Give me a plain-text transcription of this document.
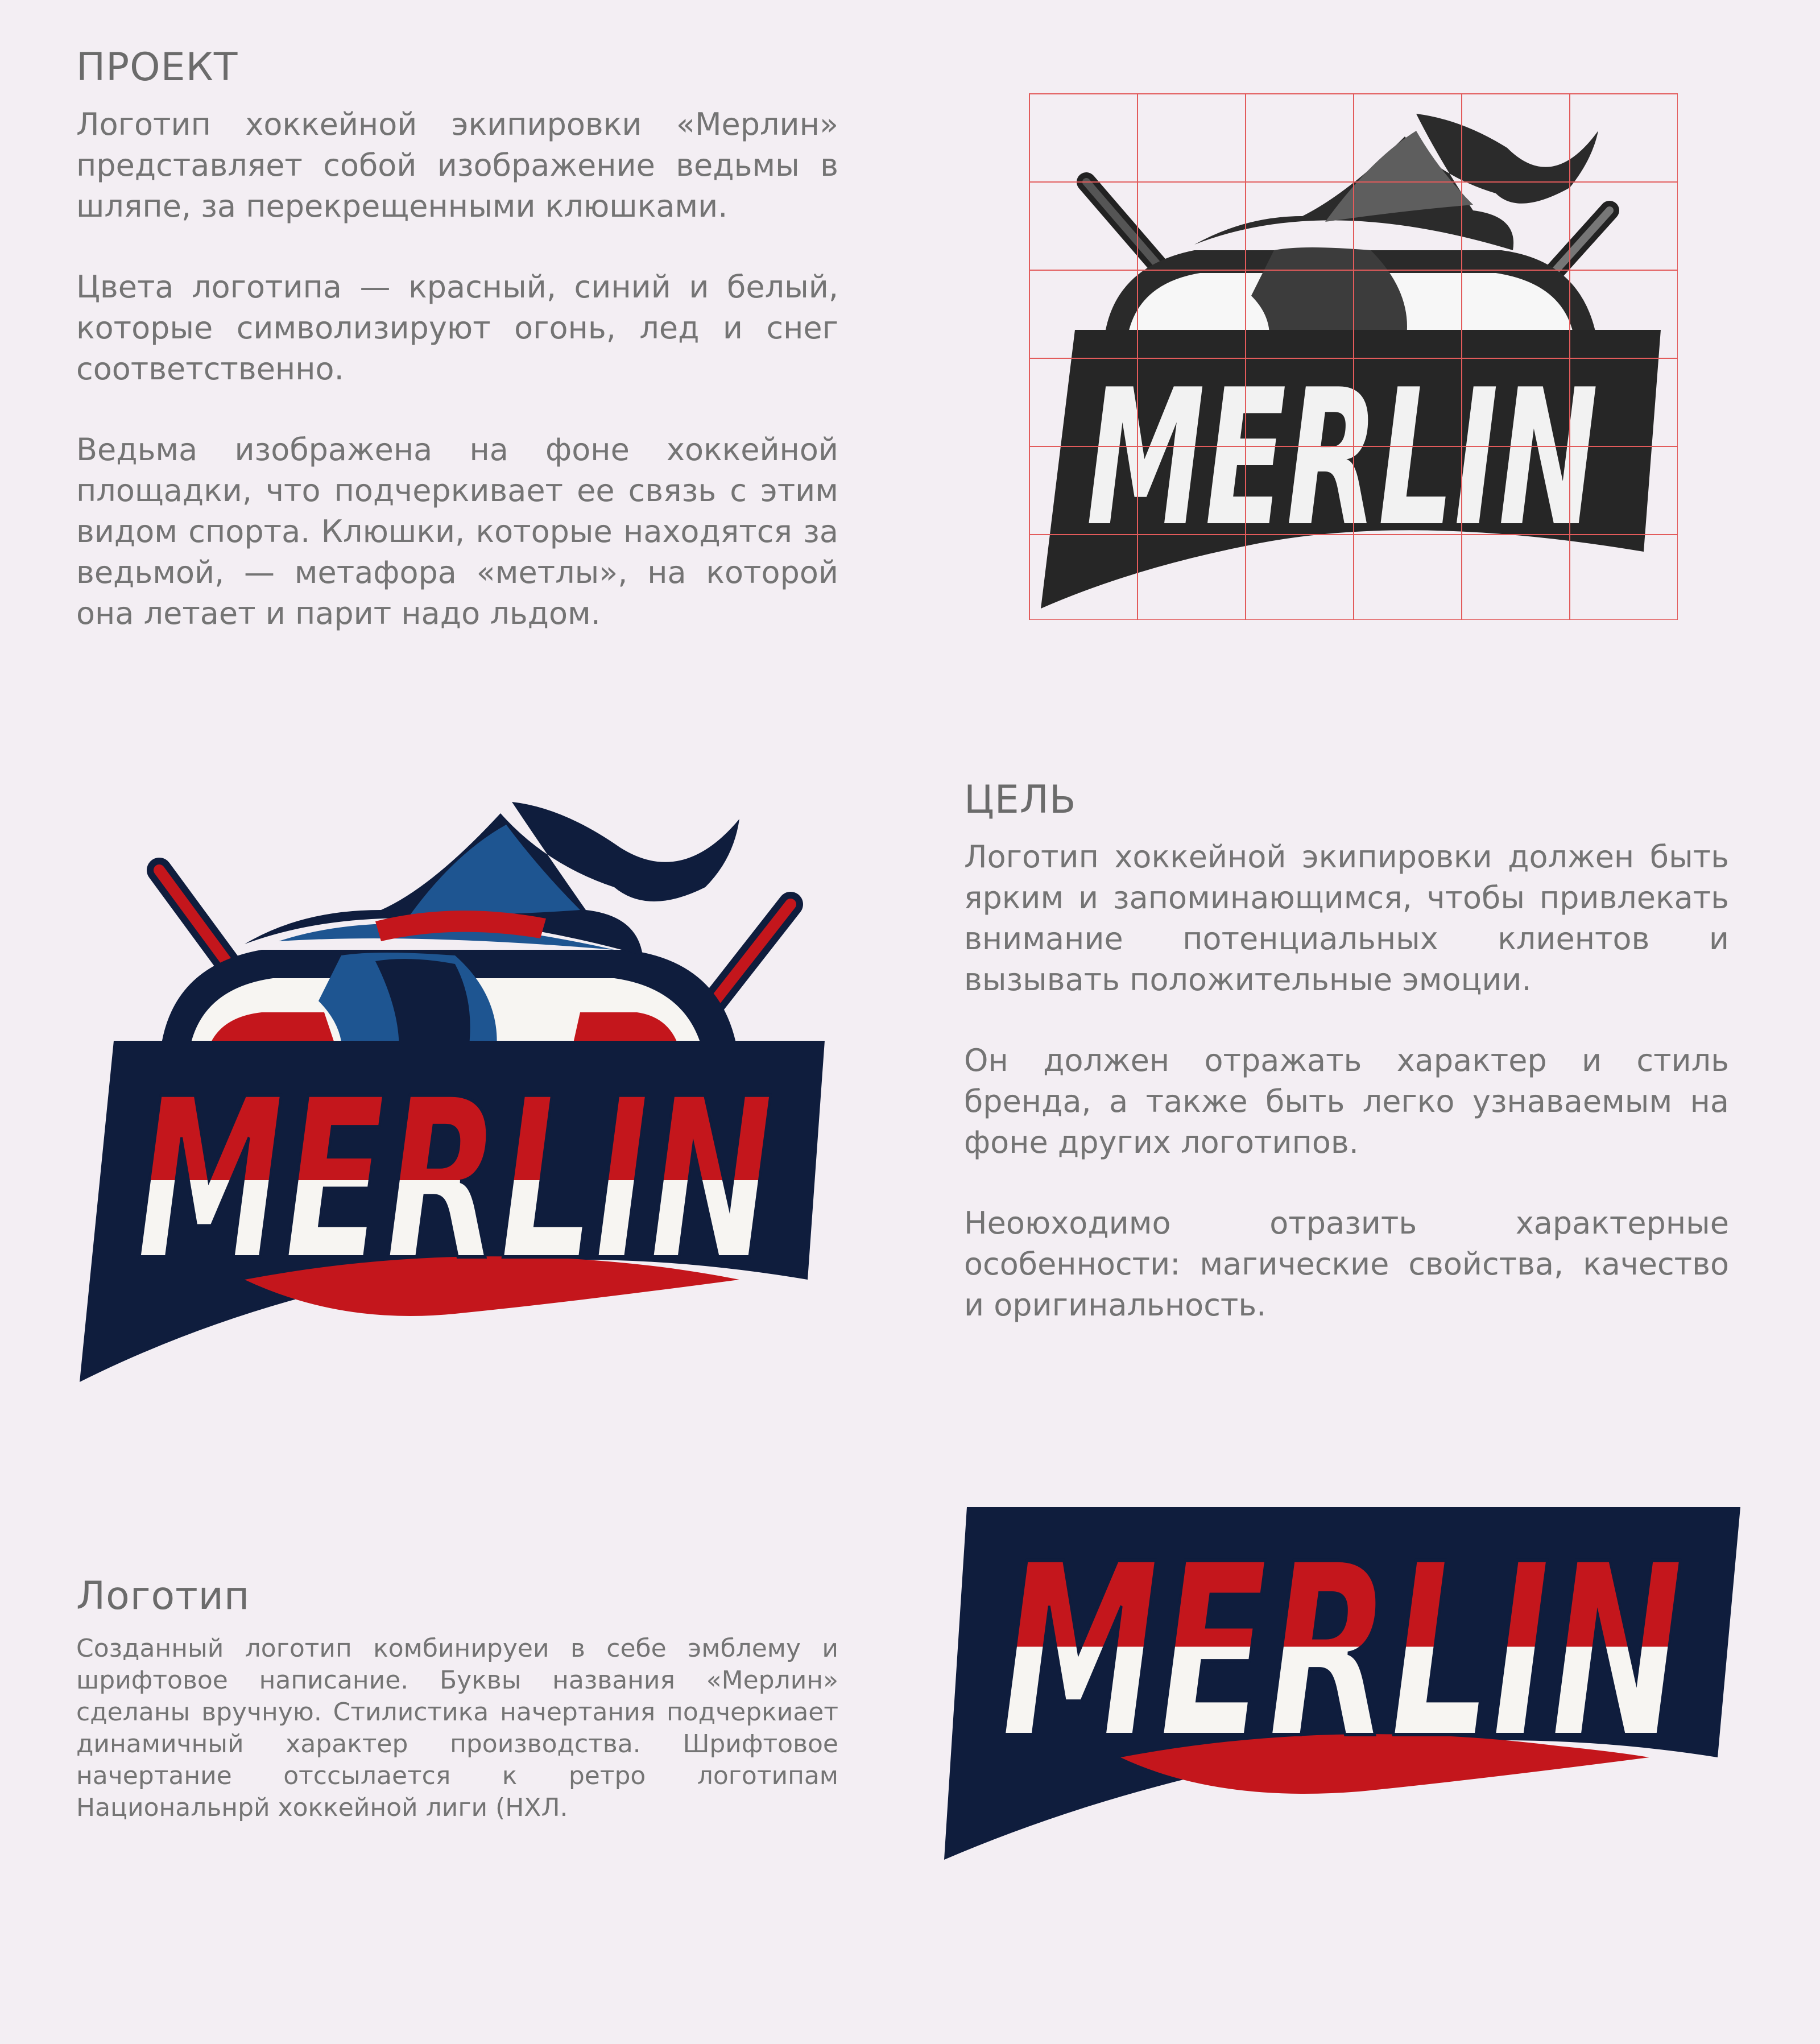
ПРОЕКТ

Логотип хоккейной экипировки «Мерлин» представляет собой изображение ведьмы в шляпе, за перекрещенными клюшками.

Цвета логотипа — красный, синий и белый, которые символизируют огонь, лед и снег соответственно.

Ведьма изображена на фоне хоккейной площадки, что подчеркивает ее связь с этим видом спорта. Клюшки, которые находятся за ведьмой, — метафора «метлы», на которой она летает и парит надо льдом.

MERLIN
MERLIN
ЦЕЛЬ

Логотип хоккейной экипировки должен быть ярким и запоминающимся, чтобы привлекать внимание потенциальных клиентов и вызывать положительные эмоции.

Он должен отражать характер и стиль бренда, а также быть легко узнаваемым на фоне других логотипов.

Неоюходимо отразить характерные особенности: магические свойства, качество и оригинальность.

Логотип

Созданный логотип комбинируеи в себе эмблему и шрифтовое написание. Буквы названия «Мерлин» сделаны вручную. Стилистика начертания подчеркиает динамичный характер производства. Шрифтовое начертание отссылается к ретро логотипам Национальнрй хоккейной лиги (НХЛ.

MERLIN
